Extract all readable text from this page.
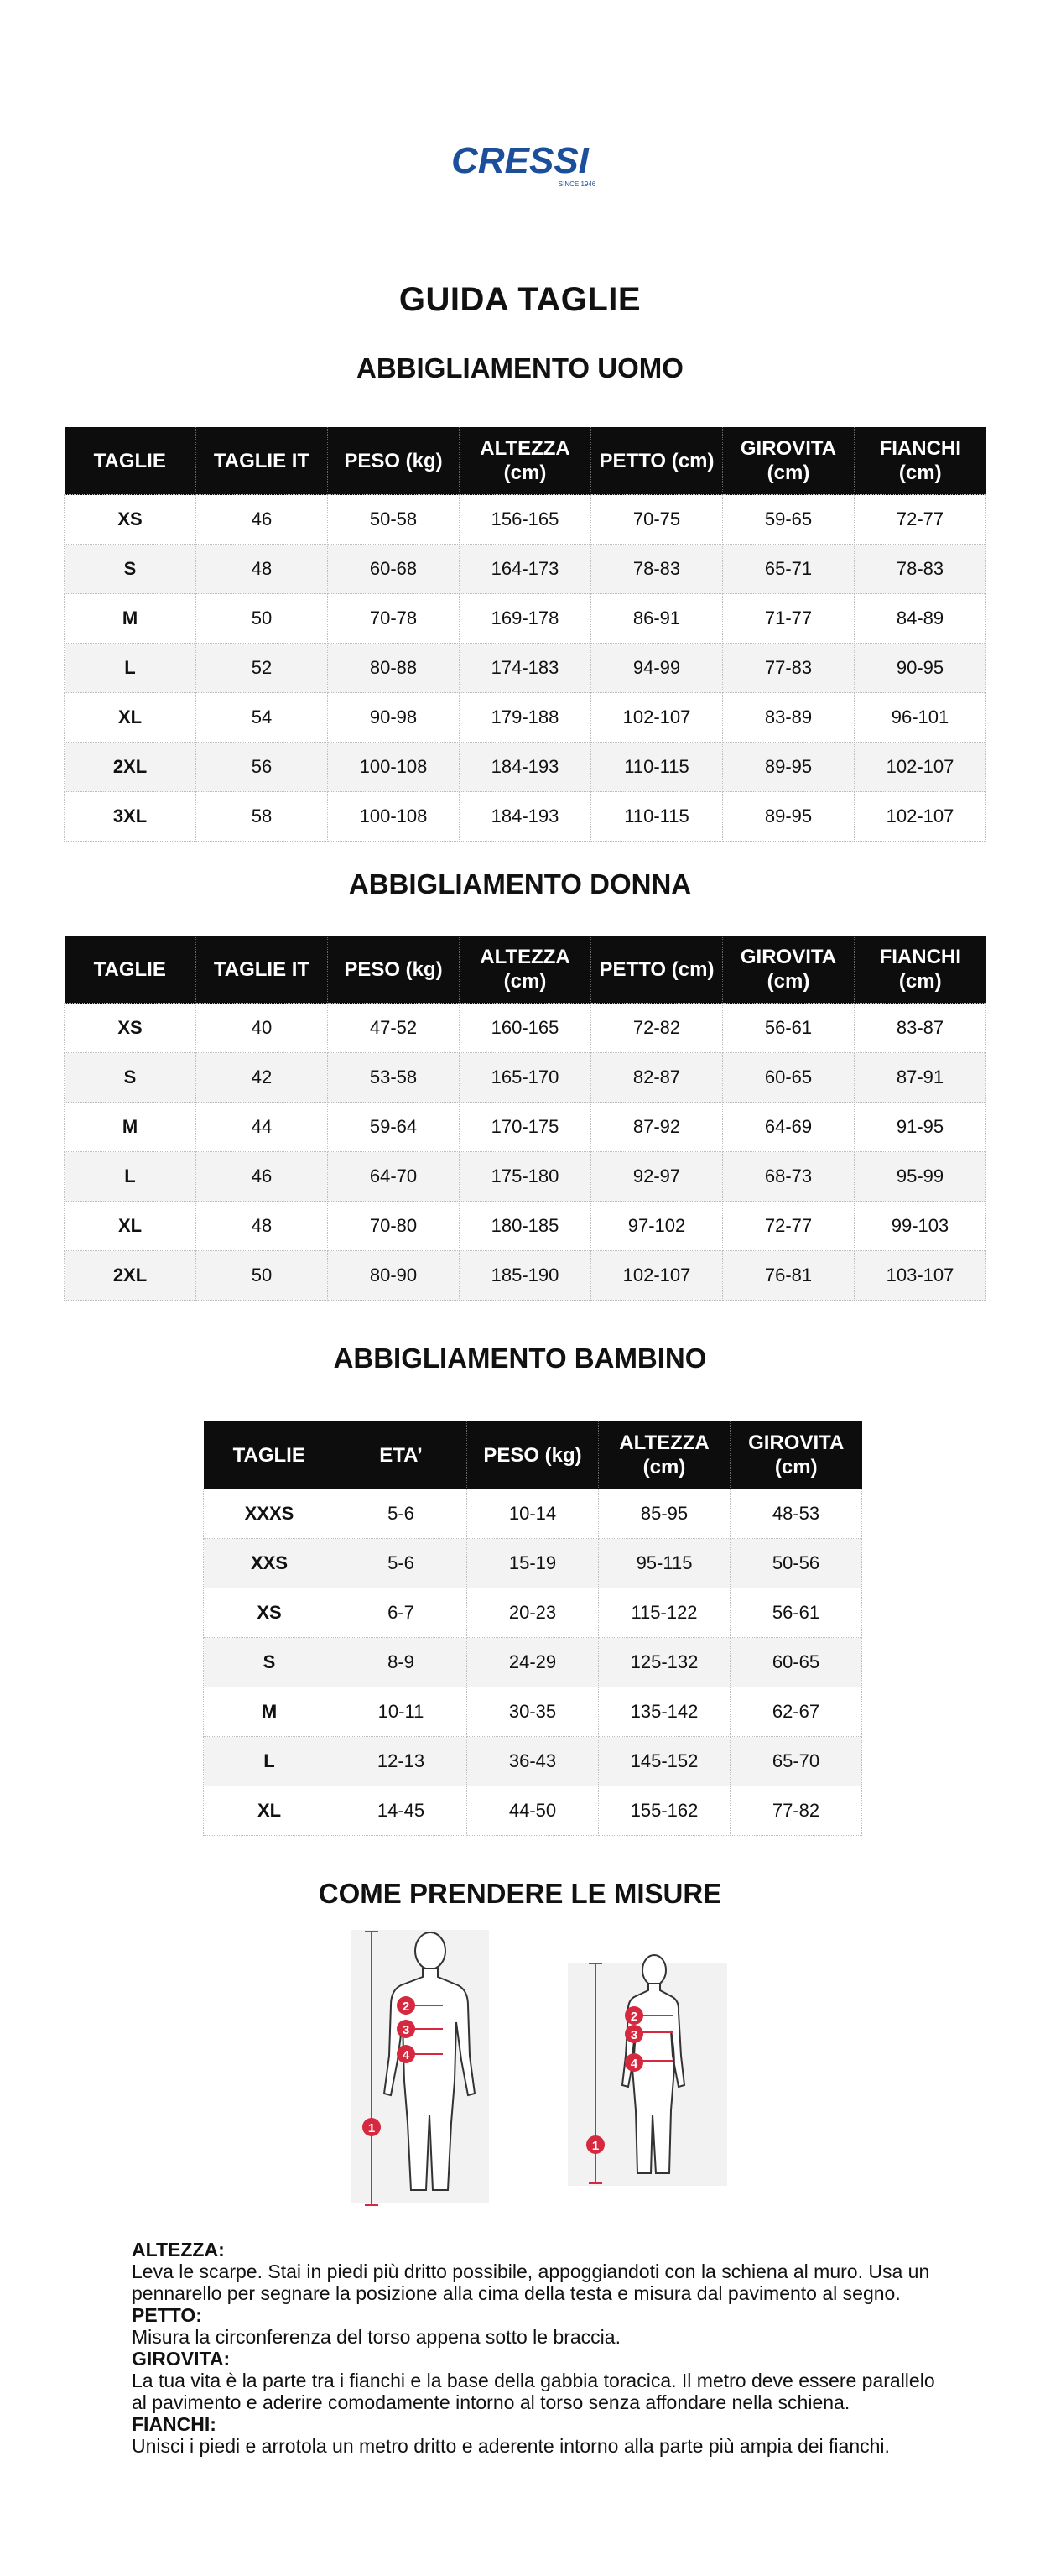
CRESSI
SINCE 1946
GUIDA TAGLIE
ABBIGLIAMENTO UOMO
TAGLIE	TAGLIE IT	PESO (kg)	ALTEZZA (cm)	PETTO (cm)	GIROVITA (cm)	FIANCHI (cm)
XS	46	50-58	156-165	70-75	59-65	72-77
S	48	60-68	164-173	78-83	65-71	78-83
M	50	70-78	169-178	86-91	71-77	84-89
L	52	80-88	174-183	94-99	77-83	90-95
XL	54	90-98	179-188	102-107	83-89	96-101
2XL	56	100-108	184-193	110-115	89-95	102-107
3XL	58	100-108	184-193	110-115	89-95	102-107
ABBIGLIAMENTO DONNA
TAGLIE	TAGLIE IT	PESO (kg)	ALTEZZA (cm)	PETTO (cm)	GIROVITA (cm)	FIANCHI (cm)
XS	40	47-52	160-165	72-82	56-61	83-87
S	42	53-58	165-170	82-87	60-65	87-91
M	44	59-64	170-175	87-92	64-69	91-95
L	46	64-70	175-180	92-97	68-73	95-99
XL	48	70-80	180-185	97-102	72-77	99-103
2XL	50	80-90	185-190	102-107	76-81	103-107
ABBIGLIAMENTO BAMBINO
TAGLIE	ETA’	PESO (kg)	ALTEZZA (cm)	GIROVITA (cm)
XXXS	5-6	10-14	85-95	48-53
XXS	5-6	15-19	95-115	50-56
XS	6-7	20-23	115-122	56-61
S	8-9	24-29	125-132	60-65
M	10-11	30-35	135-142	62-67
L	12-13	36-43	145-152	65-70
XL	14-45	44-50	155-162	77-82
COME PRENDERE LE MISURE
1
2
3
4
1
2
3
4

ALTEZZA:

Leva le scarpe. Stai in piedi più dritto possibile, appoggiandoti con la schiena al muro. Usa un pennarello per segnare la posizione alla cima della testa e misura dal pavimento al segno.

PETTO:

Misura la circonferenza del torso appena sotto le braccia.

GIROVITA:

La tua vita è la parte tra i fianchi e la base della gabbia toracica. Il metro deve essere parallelo al pavimento e aderire comodamente intorno al torso senza affondare nella schiena.

FIANCHI:

Unisci i piedi e arrotola un metro dritto e aderente intorno alla parte più ampia dei fianchi.
